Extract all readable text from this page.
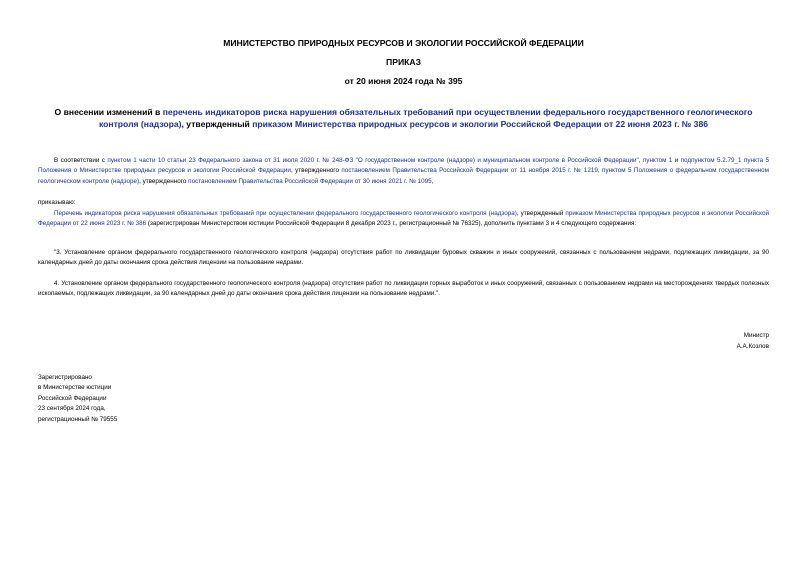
МИНИСТЕРСТВО ПРИРОДНЫХ РЕСУРСОВ И ЭКОЛОГИИ РОССИЙСКОЙ ФЕДЕРАЦИИ
ПРИКАЗ
от 20 июня 2024 года № 395
О внесении изменений в перечень индикаторов риска нарушения обязательных требований при осуществлении федерального государственного геологического контроля (надзора), утвержденный приказом Министерства природных ресурсов и экологии Российской Федерации от 22 июня 2023 г. № 386
В соответствии с пунктом 1 части 10 статьи 23 Федерального закона от 31 июля 2020 г. № 248-ФЗ "О государственном контроле (надзоре) и муниципальном контроле в Российской Федерации", пунктом 1 и подпунктом 5.2.79_1 пункта 5 Положения о Министерстве природных ресурсов и экологии Российской Федерации, утвержденного постановлением Правительства Российской Федерации от 11 ноября 2015 г. № 1219, пунктом 5 Положения о федеральном государственном геологическом контроле (надзоре), утвержденного постановлением Правительства Российской Федерации от 30 июня 2021 г. № 1095,
приказываю:
Перечень индикаторов риска нарушения обязательных требований при осуществлении федерального государственного геологического контроля (надзора), утвержденный приказом Министерства природных ресурсов и экологии Российской Федерации от 22 июня 2023 г. № 386 (зарегистрирован Министерством юстиции Российской Федерации 8 декабря 2023 г., регистрационный № 76325), дополнить пунктами 3 и 4 следующего содержания:
"3. Установление органом федерального государственного геологического контроля (надзора) отсутствия работ по ликвидации буровых скважин и иных сооружений, связанных с пользованием недрами, подлежащих ликвидации, за 90 календарных дней до даты окончания срока действия лицензии на пользование недрами.
4. Установление органом федерального государственного геологического контроля (надзора) отсутствия работ по ликвидации горных выработок и иных сооружений, связанных с пользованием недрами на месторождениях твердых полезных ископаемых, подлежащих ликвидации, за 90 календарных дней до даты окончания срока действия лицензии на пользование недрами.".
Министр
А.А.Козлов
Зарегистрировано
в Министерстве юстиции
Российской Федерации
23 сентября 2024 года,
регистрационный № 79555
